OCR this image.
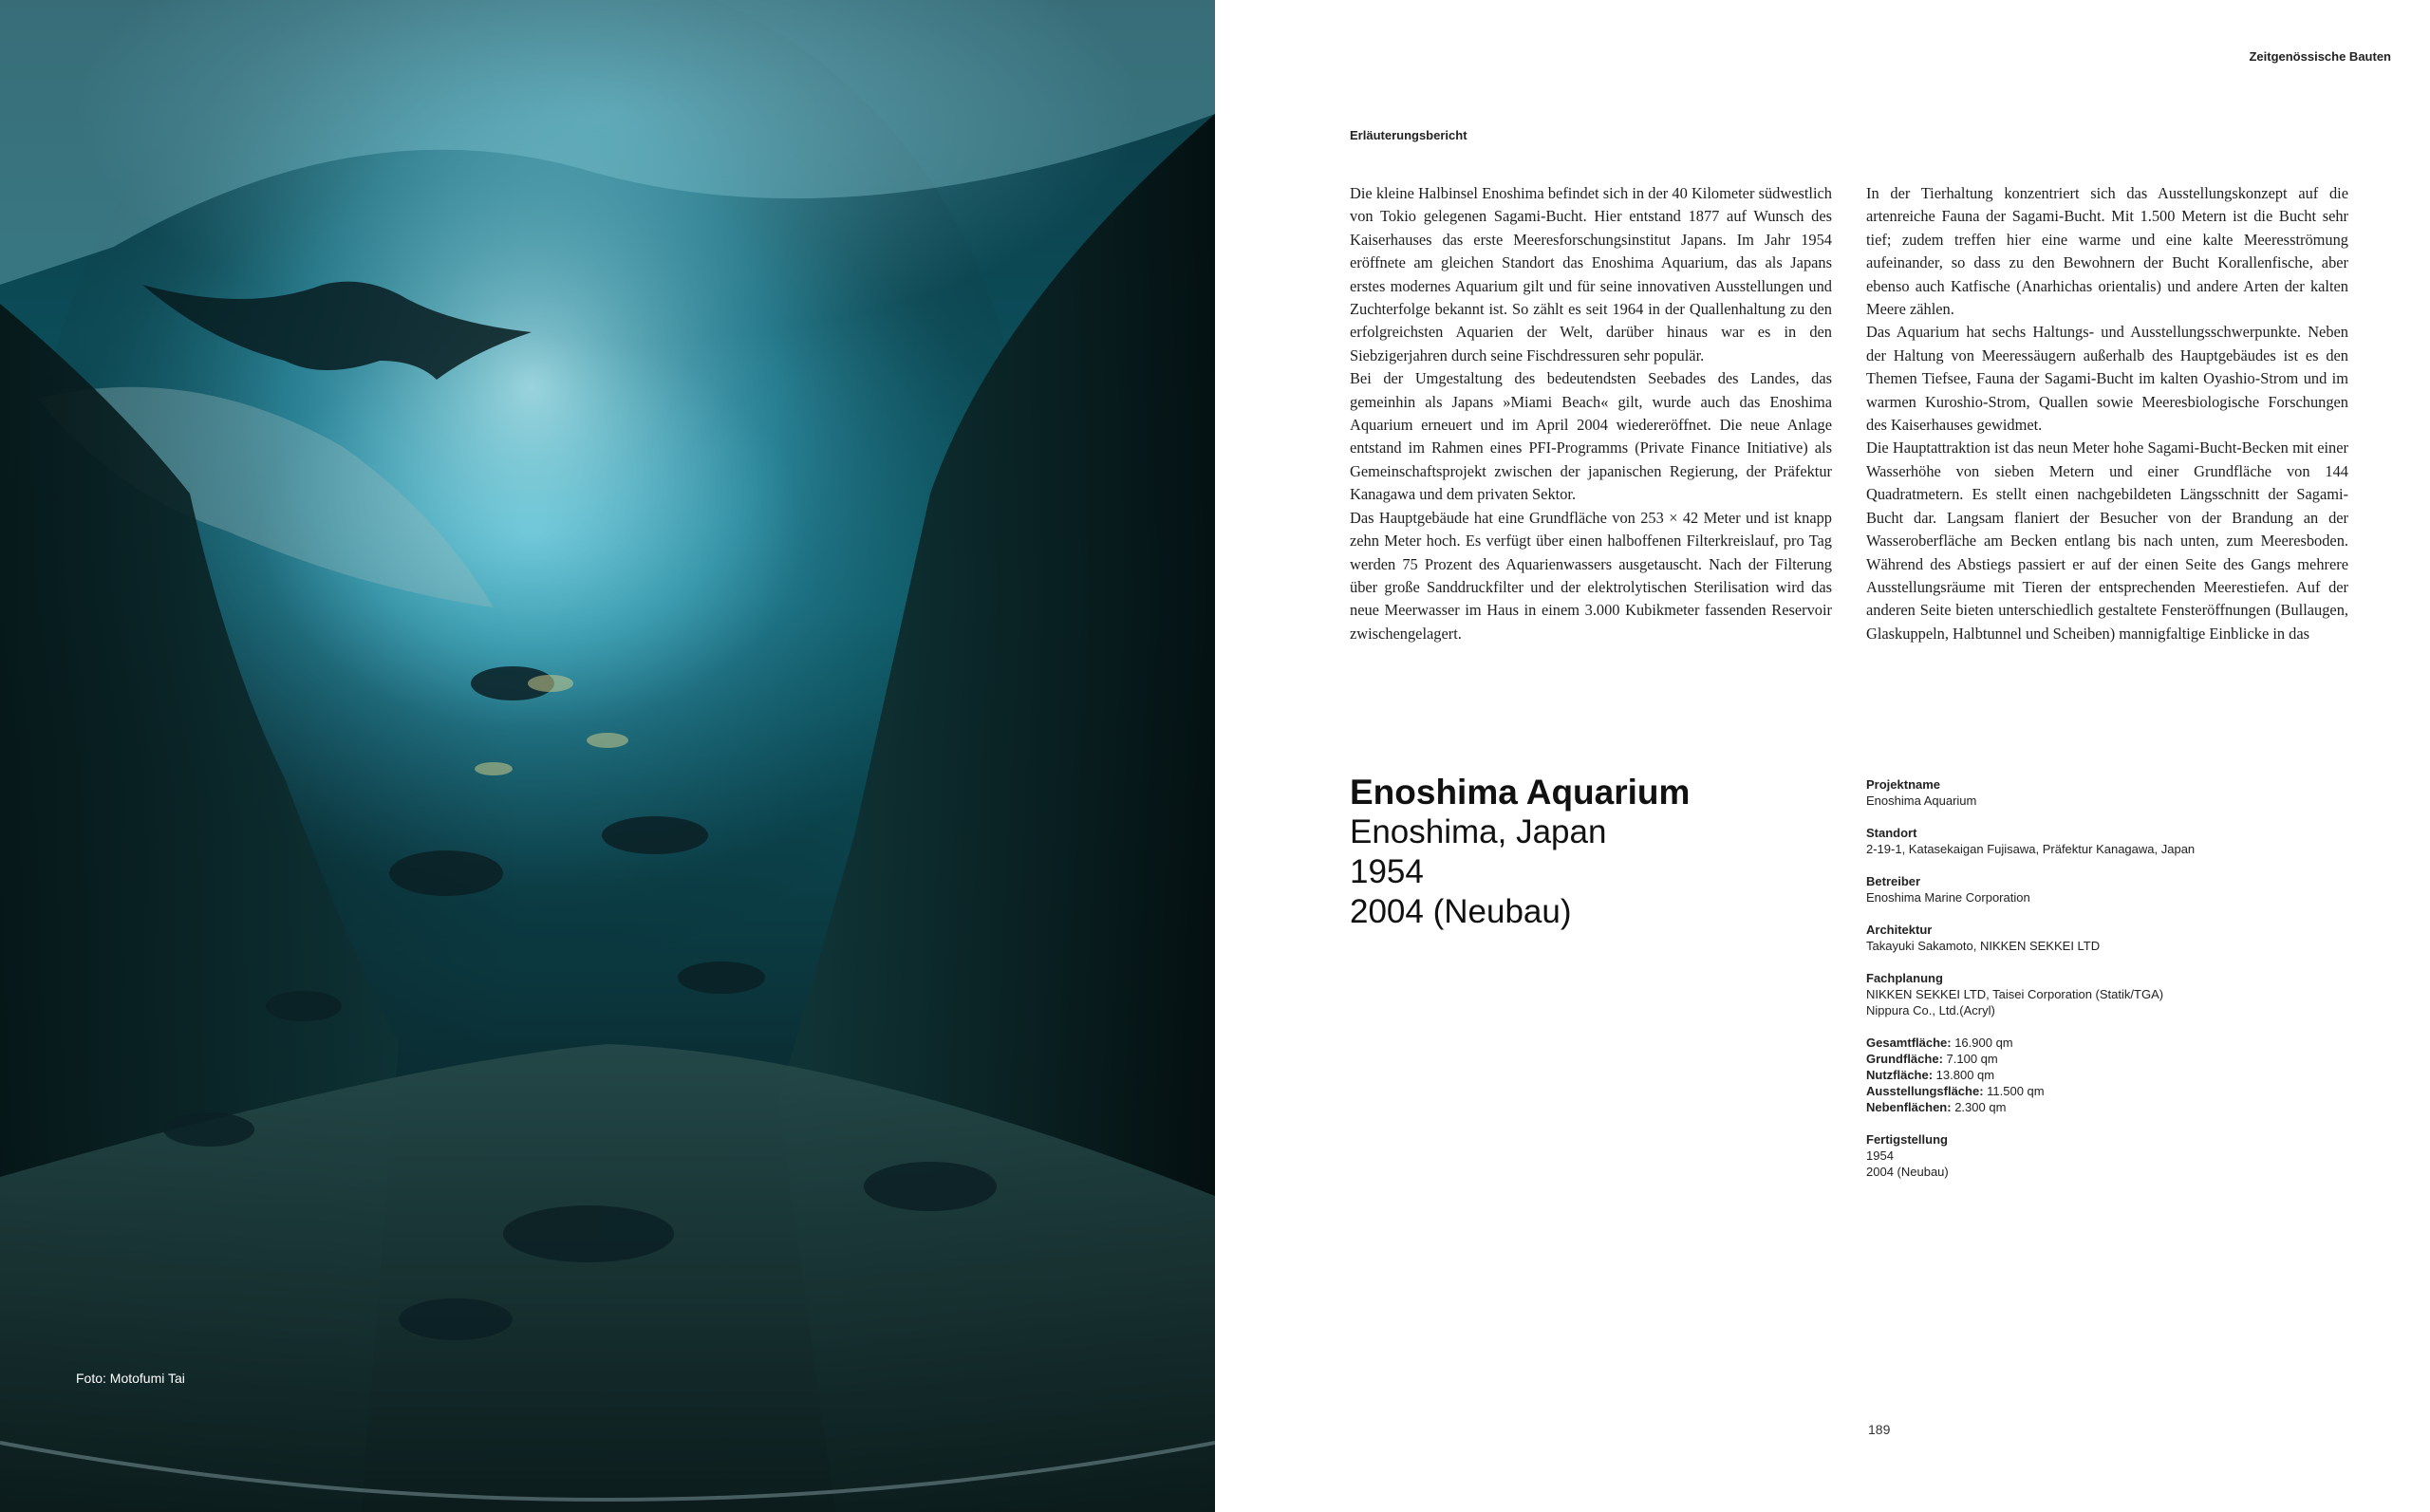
Foto: Motofumi Tai
Zeitgenössische Bauten
Erläuterungsbericht

Die kleine Halbinsel Enoshima befindet sich in der 40 Kilometer südwestlich von Tokio gelegenen Sagami-Bucht. Hier entstand 1877 auf Wunsch des Kaiserhauses das erste Meeresforschungsinstitut Japans. Im Jahr 1954 eröffnete am gleichen Standort das Enoshima Aquarium, das als Japans erstes modernes Aquarium gilt und für seine innovativen Ausstellungen und Zuchterfolge bekannt ist. So zählt es seit 1964 in der Quallenhaltung zu den erfolgreichsten Aquarien der Welt, darüber hinaus war es in den Siebzigerjahren durch seine Fischdressuren sehr populär.

Bei der Umgestaltung des bedeutendsten Seebades des Landes, das gemeinhin als Japans »Miami Beach« gilt, wurde auch das Enoshima Aquarium erneuert und im April 2004 wiedereröffnet. Die neue Anlage entstand im Rahmen eines PFI-Programms (Private Finance Initiative) als Gemeinschaftsprojekt zwischen der japanischen Regierung, der Präfektur Kanagawa und dem privaten Sektor.

Das Hauptgebäude hat eine Grundfläche von 253 × 42 Meter und ist knapp zehn Meter hoch. Es verfügt über einen halboffenen Filterkreislauf, pro Tag werden 75 Prozent des Aquarienwassers ausgetauscht. Nach der Filterung über große Sanddruckfilter und der elektrolytischen Sterilisation wird das neue Meerwasser im Haus in einem 3.000 Kubikmeter fassenden Reservoir zwischengelagert.

In der Tierhaltung konzentriert sich das Ausstellungskonzept auf die artenreiche Fauna der Sagami-Bucht. Mit 1.500 Metern ist die Bucht sehr tief; zudem treffen hier eine warme und eine kalte Meeresströmung aufeinander, so dass zu den Bewohnern der Bucht Korallenfische, aber ebenso auch Katfische (Anarhichas orientalis) und andere Arten der kalten Meere zählen.

Das Aquarium hat sechs Haltungs- und Ausstellungsschwerpunkte. Neben der Haltung von Meeressäugern außerhalb des Hauptgebäudes ist es den Themen Tiefsee, Fauna der Sagami-Bucht im kalten Oyashio-Strom und im warmen Kuroshio-Strom, Quallen sowie Meeresbiologische Forschungen des Kaiserhauses gewidmet.

Die Hauptattraktion ist das neun Meter hohe Sagami-Bucht-Becken mit einer Wasserhöhe von sieben Metern und einer Grundfläche von 144 Quadratmetern. Es stellt einen nachgebildeten Längsschnitt der Sagami-Bucht dar. Langsam flaniert der Besucher von der Brandung an der Wasseroberfläche am Becken entlang bis nach unten, zum Meeresboden. Während des Abstiegs passiert er auf der einen Seite des Gangs mehrere Ausstellungsräume mit Tieren der entsprechenden Meerestiefen. Auf der anderen Seite bieten unterschiedlich gestaltete Fensteröffnungen (Bullaugen, Glaskuppeln, Halbtunnel und Scheiben) mannigfaltige Einblicke in das

Enoshima Aquarium
Enoshima, Japan
1954
2004 (Neubau)
Projektname
Enoshima Aquarium
Standort
2-19-1, Katasekaigan Fujisawa, Präfektur Kanagawa, Japan
Betreiber
Enoshima Marine Corporation
Architektur
Takayuki Sakamoto, NIKKEN SEKKEI LTD
Fachplanung
NIKKEN SEKKEI LTD, Taisei Corporation (Statik/TGA)
Nippura Co., Ltd.(Acryl)
Gesamtfläche: 16.900 qm
Grundfläche: 7.100 qm
Nutzfläche: 13.800 qm
Ausstellungsfläche: 11.500 qm
Nebenflächen: 2.300 qm
Fertigstellung
1954
2004 (Neubau)
189
